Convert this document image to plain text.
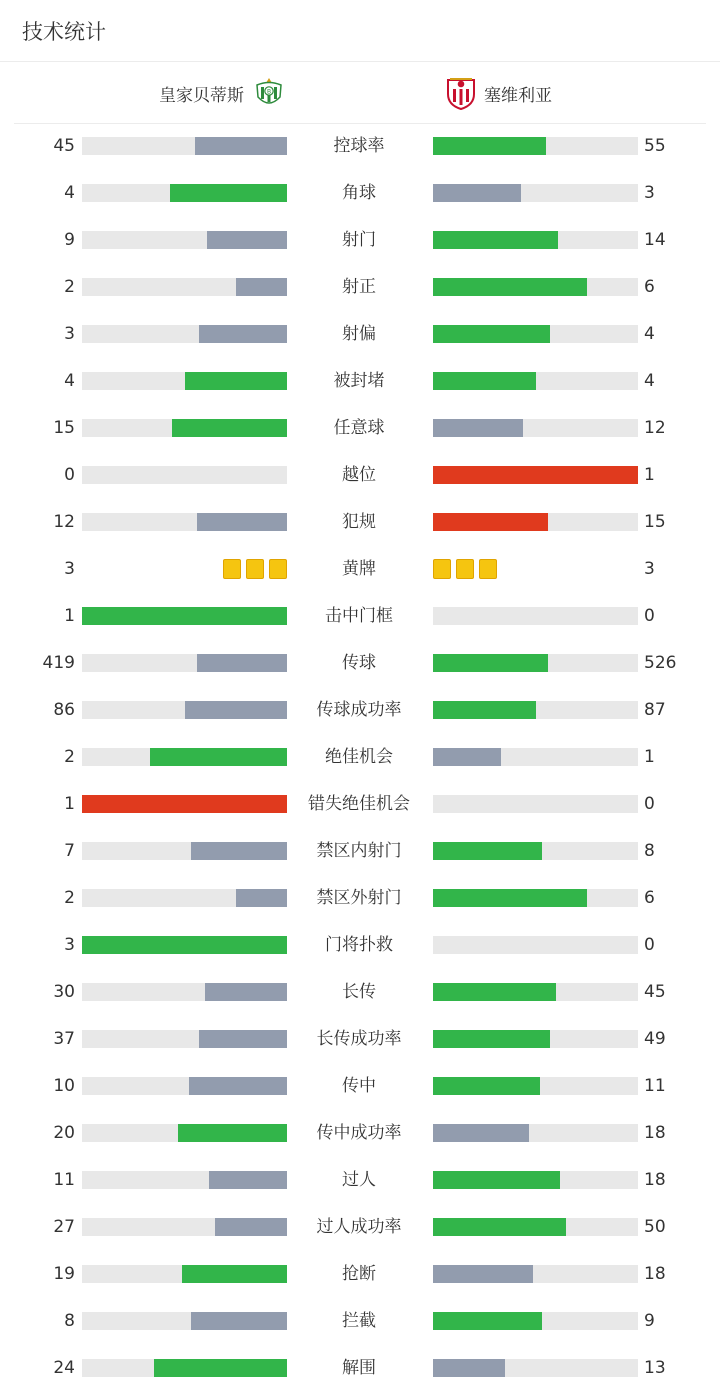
技术统计
皇家贝蒂斯	B	塞维利亚
45	控球率	55
4	角球	3
9	射门	14
2	射正	6
3	射偏	4
4	被封堵	4
15	任意球	12
0	越位	1
12	犯规	15
3	黄牌	3
1	击中门框	0
419	传球	526
86	传球成功率	87
2	绝佳机会	1
1	错失绝佳机会	0
7	禁区内射门	8
2	禁区外射门	6
3	门将扑救	0
30	长传	45
37	长传成功率	49
10	传中	11
20	传中成功率	18
11	过人	18
27	过人成功率	50
19	抢断	18
8	拦截	9
24	解围	13
